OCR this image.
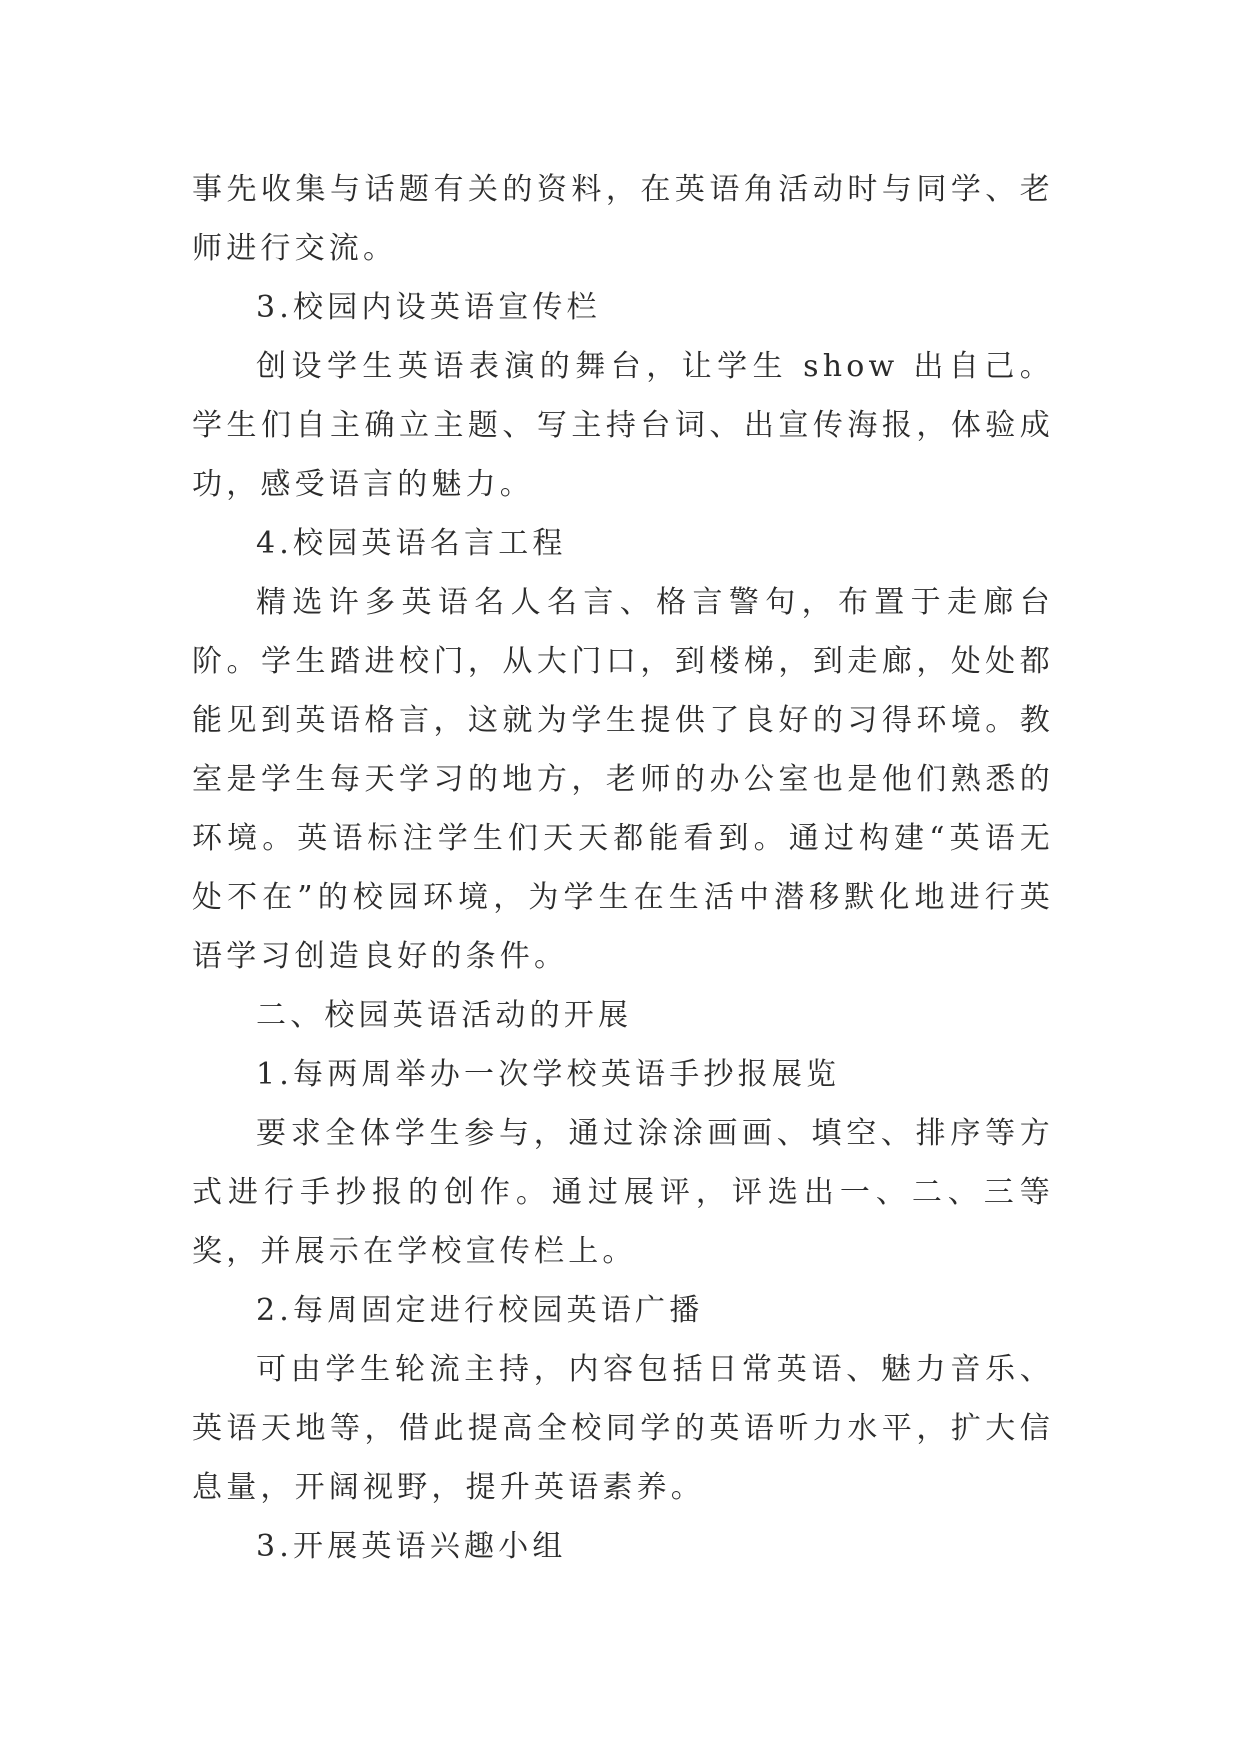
事先收集与话题有关的资料，在英语角活动时与同学、老师进行交流。

3.校园内设英语宣传栏

创设学生英语表演的舞台，让学生 show 出自己。学生们自主确立主题、写主持台词、出宣传海报，体验成功，感受语言的魅力。

4.校园英语名言工程

精选许多英语名人名言、格言警句，布置于走廊台阶。学生踏进校门，从大门口，到楼梯，到走廊，处处都能见到英语格言，这就为学生提供了良好的习得环境。教室是学生每天学习的地方，老师的办公室也是他们熟悉的环境。英语标注学生们天天都能看到。通过构建“英语无处不在”的校园环境，为学生在生活中潜移默化地进行英语学习创造良好的条件。

二、校园英语活动的开展

1.每两周举办一次学校英语手抄报展览

要求全体学生参与，通过涂涂画画、填空、排序等方式进行手抄报的创作。通过展评，评选出一、二、三等奖，并展示在学校宣传栏上。

2.每周固定进行校园英语广播

可由学生轮流主持，内容包括日常英语、魅力音乐、英语天地等，借此提高全校同学的英语听力水平，扩大信息量，开阔视野，提升英语素养。

3.开展英语兴趣小组
